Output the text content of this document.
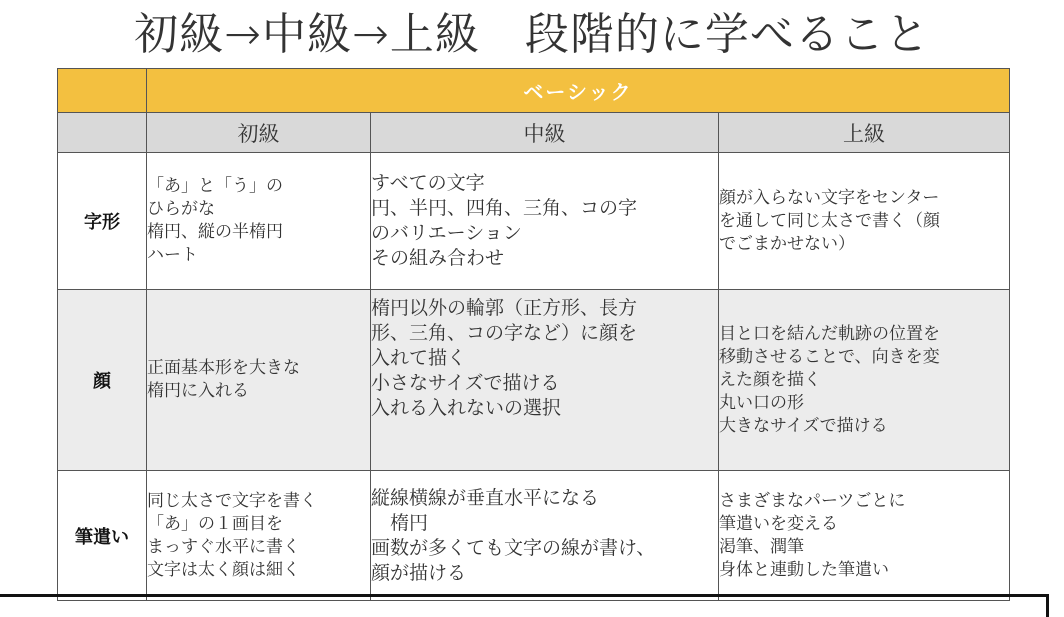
初級→中級→上級　段階的に学べること
	ベーシック		
	初級	中級	上級
字形	「あ」と「う」の
ひらがな
楕円、縦の半楕円
ハート	すべての文字
円、半円、四角、三角、コの字
のバリエーション
その組み合わせ	顔が入らない文字をセンター
を通して同じ太さで書く（顔
でごまかせない）
顔	正面基本形を大きな
楕円に入れる	楕円以外の輪郭（正方形、長方
形、三角、コの字など）に顔を
入れて描く
小さなサイズで描ける
入れる入れないの選択	目と口を結んだ軌跡の位置を
移動させることで、向きを変
えた顔を描く
丸い口の形
大きなサイズで描ける
筆遣い	同じ太さで文字を書く
「あ」の１画目を
まっすぐ水平に書く
文字は太く顔は細く	縦線横線が垂直水平になる
　楕円
画数が多くても文字の線が書け、
顔が描ける	さまざまなパーツごとに
筆遣いを変える
渇筆、潤筆
身体と連動した筆遣い
